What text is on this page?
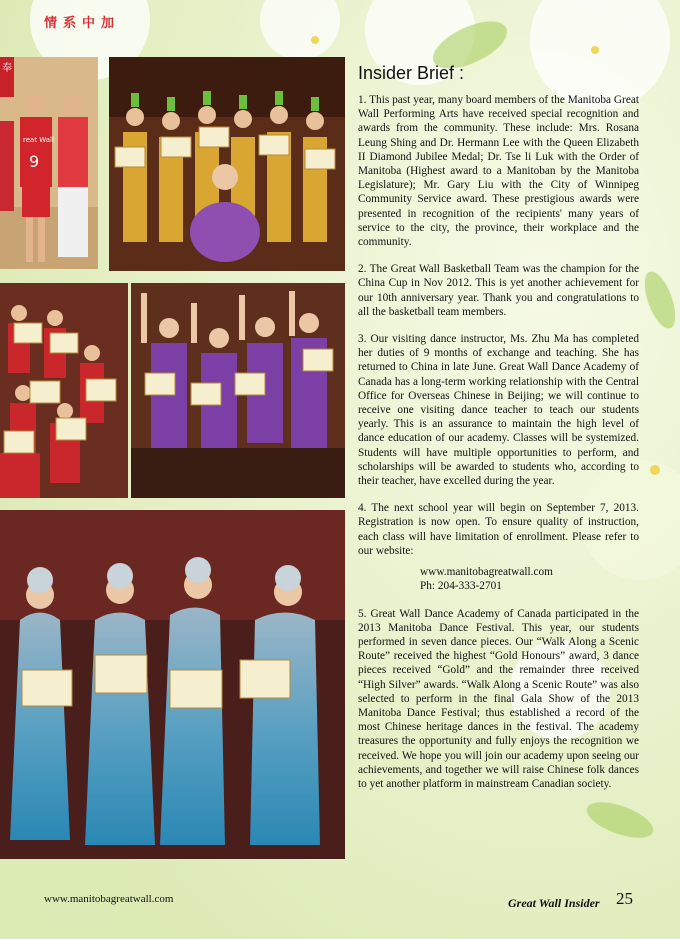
情系中加
奉
reat Wall
9
Insider Brief :

1. This past year, many board members of the Manitoba Great Wall Performing Arts have received special recognition and awards from the community. These include: Mrs. Rosana Leung Shing and Dr. Hermann Lee with the Queen Elizabeth II Diamond Jubilee Medal; Dr. Tse li Luk with the Order of Manitoba (Highest award to a Manitoban by the Manitoba Legislature); Mr. Gary Liu with the City of Winnipeg Community Service award. These prestigious awards were presented in recognition of the recipients' many years of service to the city, the province, their workplace and the community.

2. The Great Wall Basketball Team was the champion for the China Cup in Nov 2012. This is yet another achievement for our 10th anniversary year. Thank you and congratulations to all the basketball team members.

3. Our visiting dance instructor, Ms. Zhu Ma has completed her duties of 9 months of exchange and teaching. She has returned to China in late June. Great Wall Dance Academy of Canada has a long-term working relationship with the Central Office for Overseas Chinese in Beijing; we will continue to receive one visiting dance teacher to teach our students yearly. This is an assurance to maintain the high level of dance education of our academy. Classes will be systemized. Students will have multiple opportunities to perform, and scholarships will be awarded to students who, according to their teacher, have excelled during the year.

4. The next school year will begin on September 7, 2013. Registration is now open. To ensure quality of instruction, each class will have limitation of enrollment. Please refer to our website:

www.manitobagreatwall.com
Ph: 204-333-2701

5. Great Wall Dance Academy of Canada participated in the 2013 Manitoba Dance Festival. This year, our students performed in seven dance pieces. Our “Walk Along a Scenic Route” received the highest “Gold Honours” award, 3 dance pieces received “Gold” and the remainder three received “High Silver” awards. “Walk Along a Scenic Route” was also selected to perform in the final Gala Show of the 2013 Manitoba Dance Festival; thus established a record of the most Chinese heritage dances in the festival. The academy treasures the opportunity and fully enjoys the recognition we received. We hope you will join our academy upon seeing our achievements, and together we will raise Chinese folk dances to yet another platform in mainstream Canadian society.

www.manitobagreatwall.com	Great Wall Insider 25
